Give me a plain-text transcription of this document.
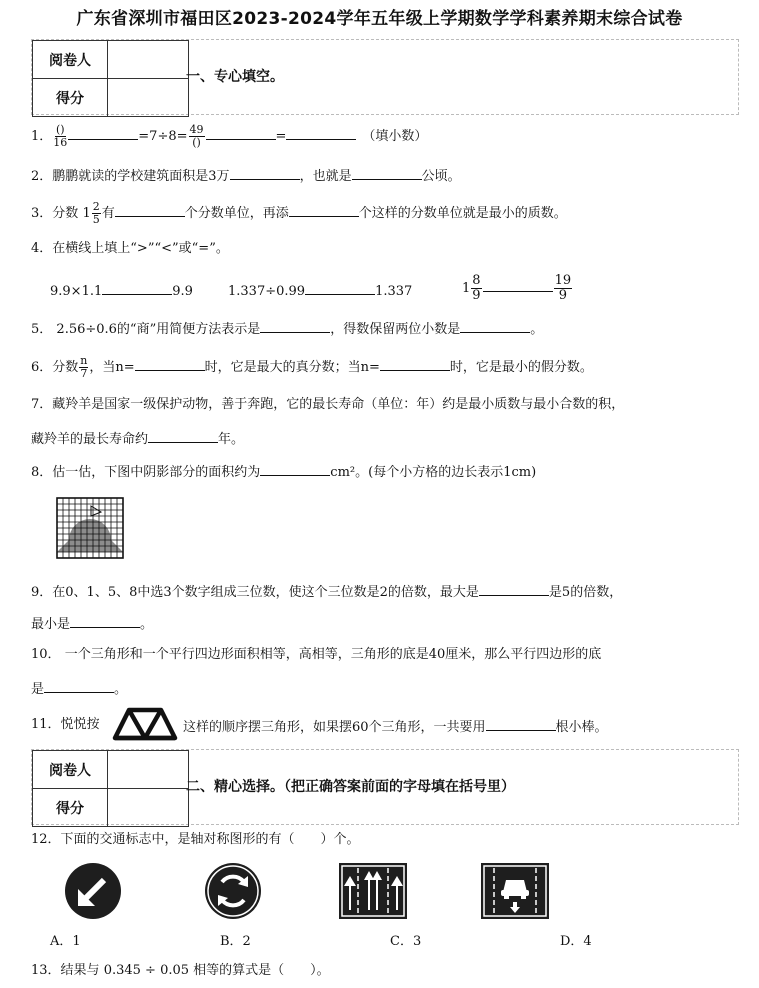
广东省深圳市福田区2023-2024学年五年级上学期数学学科素养期末综合试卷
阅卷人	
得分	
一、专心填空。
1． $\frac{()}{16}$	$=7\div 8= \frac{49}{()}$	=	（填小数）
2．鹏鹏就读的学校建筑面积是3万	，也就是	公顷。
3．分数 $1 \frac{2}{5}$ 有	个分数单位，再添	个这样的分数单位就是最小的质数。
4．在横线上填上“>”“<”或“=”。
9.9×1.1	9.9	1.337÷0.99	1.337	$1 \frac{8}{9}$	$\frac{19}{9}$
5． 2.56÷0.6的“商”用简便方法表示是	，得数保留两位小数是	。
6．分数 $\frac{n}{7}$ ，当n=	时，它是最大的真分数；当n=	时，它是最小的假分数。
7．藏羚羊是国家一级保护动物，善于奔跑，它的最长寿命（单位：年）约是最小质数与最小合数的积，
藏羚羊的最长寿命约	年。
8．估一估，下图中阴影部分的面积约为	cm²。(每个小方格的边长表示1cm)
9．在0、1、5、8中选3个数字组成三位数，使这个三位数是2的倍数，最大是	是5的倍数，
最小是	。
10． 一个三角形和一个平行四边形面积相等，高相等，三角形的底是40厘米，那么平行四边形的底
是	。
11．悦悦按	这样的顺序摆三角形，如果摆60个三角形，一共要用	根小棒。
阅卷人	
得分	
二、精心选择。（把正确答案前面的字母填在括号里）
12．下面的交通标志中，是轴对称图形的有（　　）个。
A．1	B．2	C．3	D．4
13．结果与 0.345 ÷ 0.05 相等的算式是（　　）。
